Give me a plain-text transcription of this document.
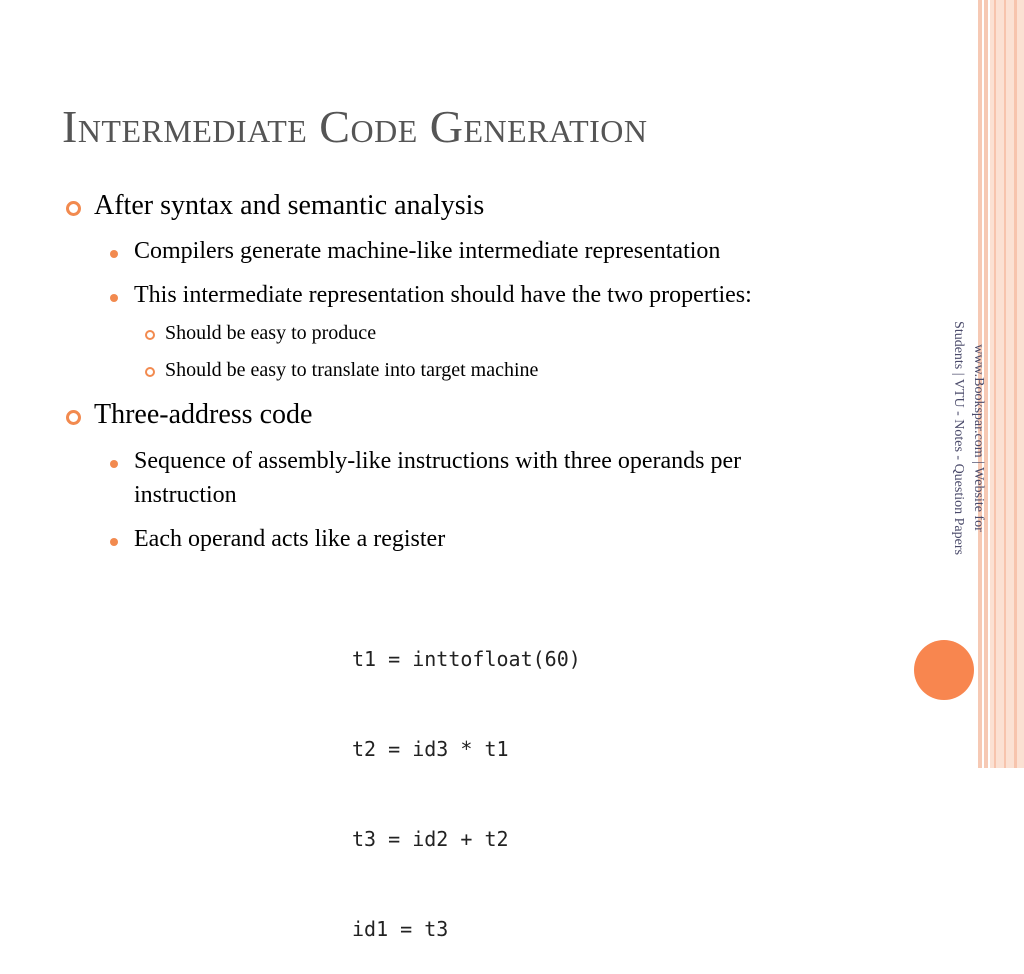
Intermediate Code Generation
After syntax and semantic analysis
Compilers generate machine-like intermediate representation
This intermediate representation should have the two properties:
Should be easy to produce
Should be easy to translate into target machine
Three-address code
Sequence of assembly-like instructions with three operands per
instruction
Each operand acts like a register

t1 = inttofloat(60)

t2 = id3 * t1

t3 = id2 + t2

id1 = t3

www.Bookspar.com | Website for
Students | VTU - Notes - Question Papers
